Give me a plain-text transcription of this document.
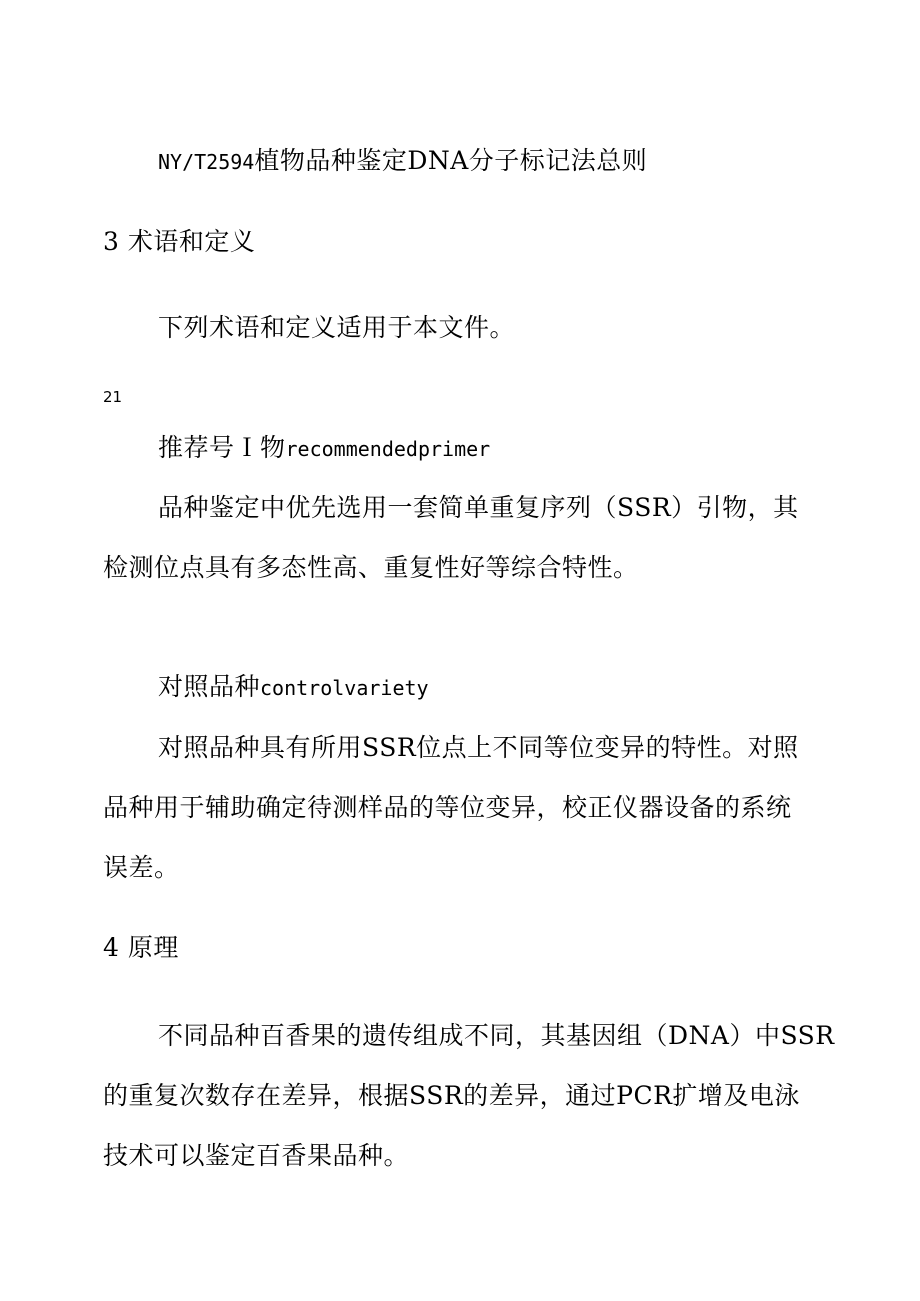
NY/T2594植物品种鉴定DNA分子标记法总则
3 术语和定义
下列术语和定义适用于本文件。
21
推荐号Ｉ物recommendedprimer
品种鉴定中优先选用一套简单重复序列（SSR）引物，其
检测位点具有多态性高、重复性好等综合特性。
对照品种controlvariety
对照品种具有所用SSR位点上不同等位变异的特性。对照
品种用于辅助确定待测样品的等位变异，校正仪器设备的系统
误差。
4 原理
不同品种百香果的遗传组成不同，其基因组（DNA）中SSR
的重复次数存在差异，根据SSR的差异，通过PCR扩增及电泳
技术可以鉴定百香果品种。
